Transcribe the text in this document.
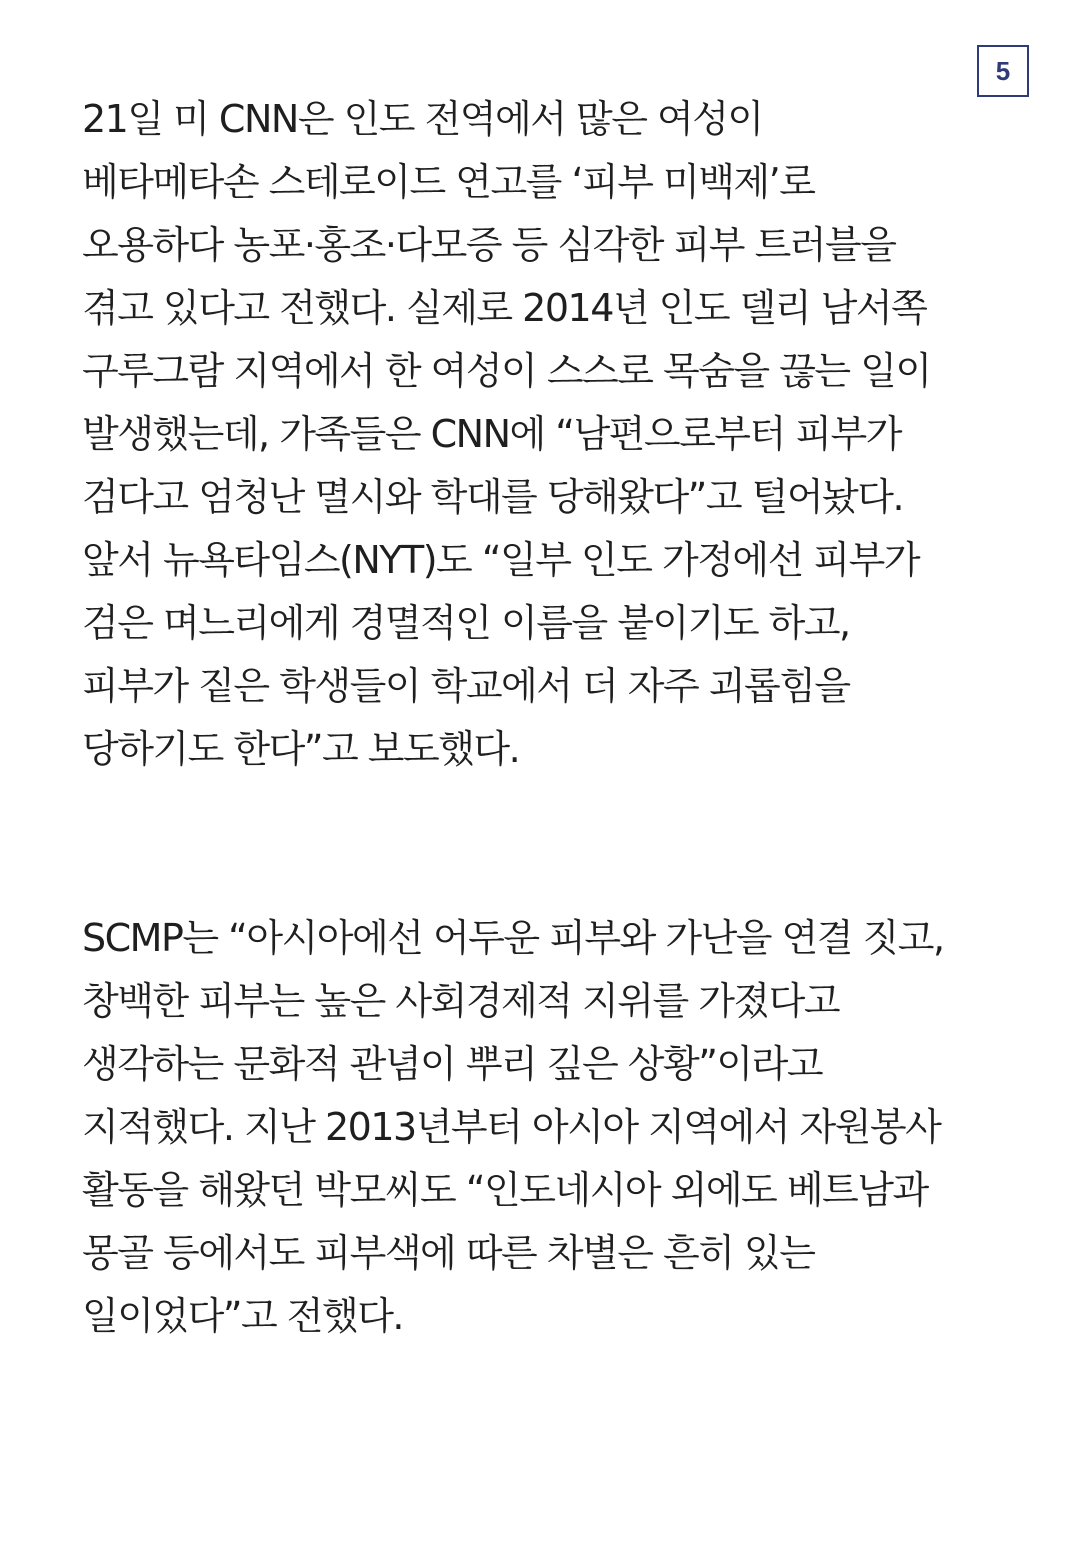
5
21일 미 CNN은 인도 전역에서 많은 여성이
베타메타손 스테로이드 연고를 ‘피부 미백제’로
오용하다 농포·홍조·다모증 등 심각한 피부 트러블을
겪고 있다고 전했다. 실제로 2014년 인도 델리 남서쪽
구루그람 지역에서 한 여성이 스스로 목숨을 끊는 일이
발생했는데, 가족들은 CNN에 “남편으로부터 피부가
검다고 엄청난 멸시와 학대를 당해왔다”고 털어놨다.
앞서 뉴욕타임스(NYT)도 “일부 인도 가정에선 피부가
검은 며느리에게 경멸적인 이름을 붙이기도 하고,
피부가 짙은 학생들이 학교에서 더 자주 괴롭힘을
당하기도 한다”고 보도했다.
SCMP는 “아시아에선 어두운 피부와 가난을 연결 짓고,
창백한 피부는 높은 사회경제적 지위를 가졌다고
생각하는 문화적 관념이 뿌리 깊은 상황”이라고
지적했다. 지난 2013년부터 아시아 지역에서 자원봉사
활동을 해왔던 박모씨도 “인도네시아 외에도 베트남과
몽골 등에서도 피부색에 따른 차별은 흔히 있는
일이었다”고 전했다.
